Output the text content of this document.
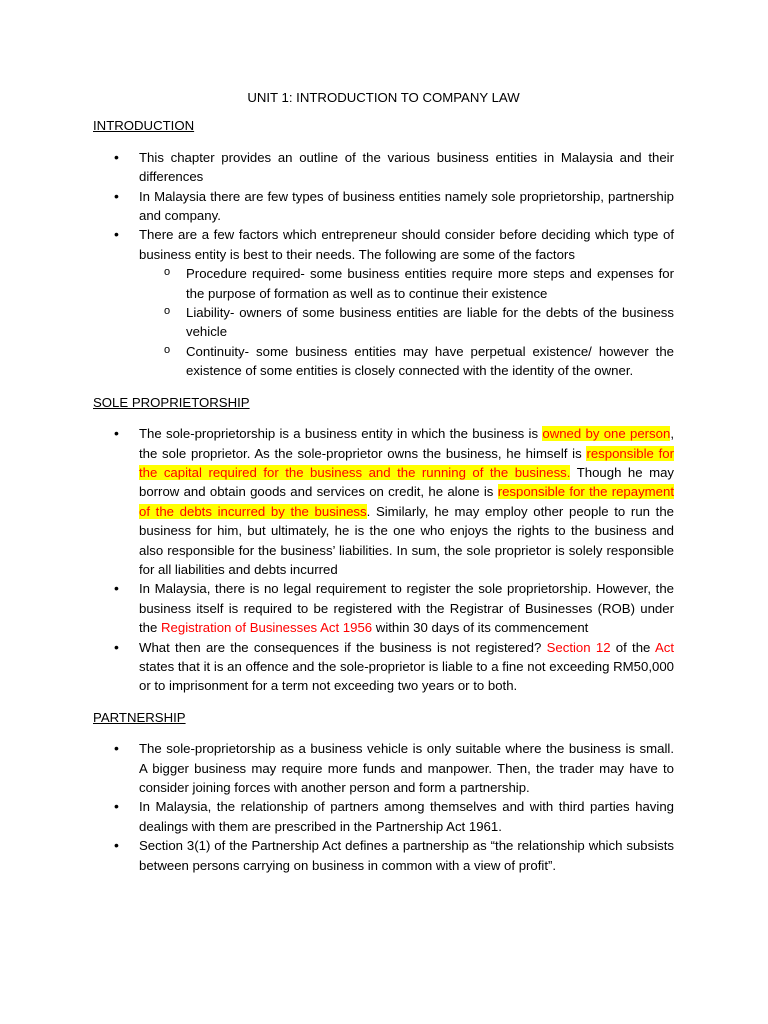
UNIT 1: INTRODUCTION TO COMPANY LAW
INTRODUCTION
• This chapter provides an outline of the various business entities in Malaysia and their differences
• In Malaysia there are few types of business entities namely sole proprietorship, partnership and company.
• There are a few factors which entrepreneur should consider before deciding which type of business entity is best to their needs. The following are some of the factors
o Procedure required- some business entities require more steps and expenses for the purpose of formation as well as to continue their existence
o Liability- owners of some business entities are liable for the debts of the business vehicle
o Continuity- some business entities may have perpetual existence/ however the existence of some entities is closely connected with the identity of the owner.
SOLE PROPRIETORSHIP
• The sole-proprietorship is a business entity in which the business is owned by one person, the sole proprietor. As the sole-proprietor owns the business, he himself is responsible for the capital required for the business and the running of the business. Though he may borrow and obtain goods and services on credit, he alone is responsible for the repayment of the debts incurred by the business. Similarly, he may employ other people to run the business for him, but ultimately, he is the one who enjoys the rights to the business and also responsible for the business’ liabilities. In sum, the sole proprietor is solely responsible for all liabilities and debts incurred
• In Malaysia, there is no legal requirement to register the sole proprietorship. However, the business itself is required to be registered with the Registrar of Businesses (ROB) under the Registration of Businesses Act 1956 within 30 days of its commencement
• What then are the consequences if the business is not registered? Section 12 of the Act states that it is an offence and the sole-proprietor is liable to a fine not exceeding RM50,000 or to imprisonment for a term not exceeding two years or to both.
PARTNERSHIP
• The sole-proprietorship as a business vehicle is only suitable where the business is small. A bigger business may require more funds and manpower. Then, the trader may have to consider joining forces with another person and form a partnership.
• In Malaysia, the relationship of partners among themselves and with third parties having dealings with them are prescribed in the Partnership Act 1961.
• Section 3(1) of the Partnership Act defines a partnership as “the relationship which subsists between persons carrying on business in common with a view of profit”.
